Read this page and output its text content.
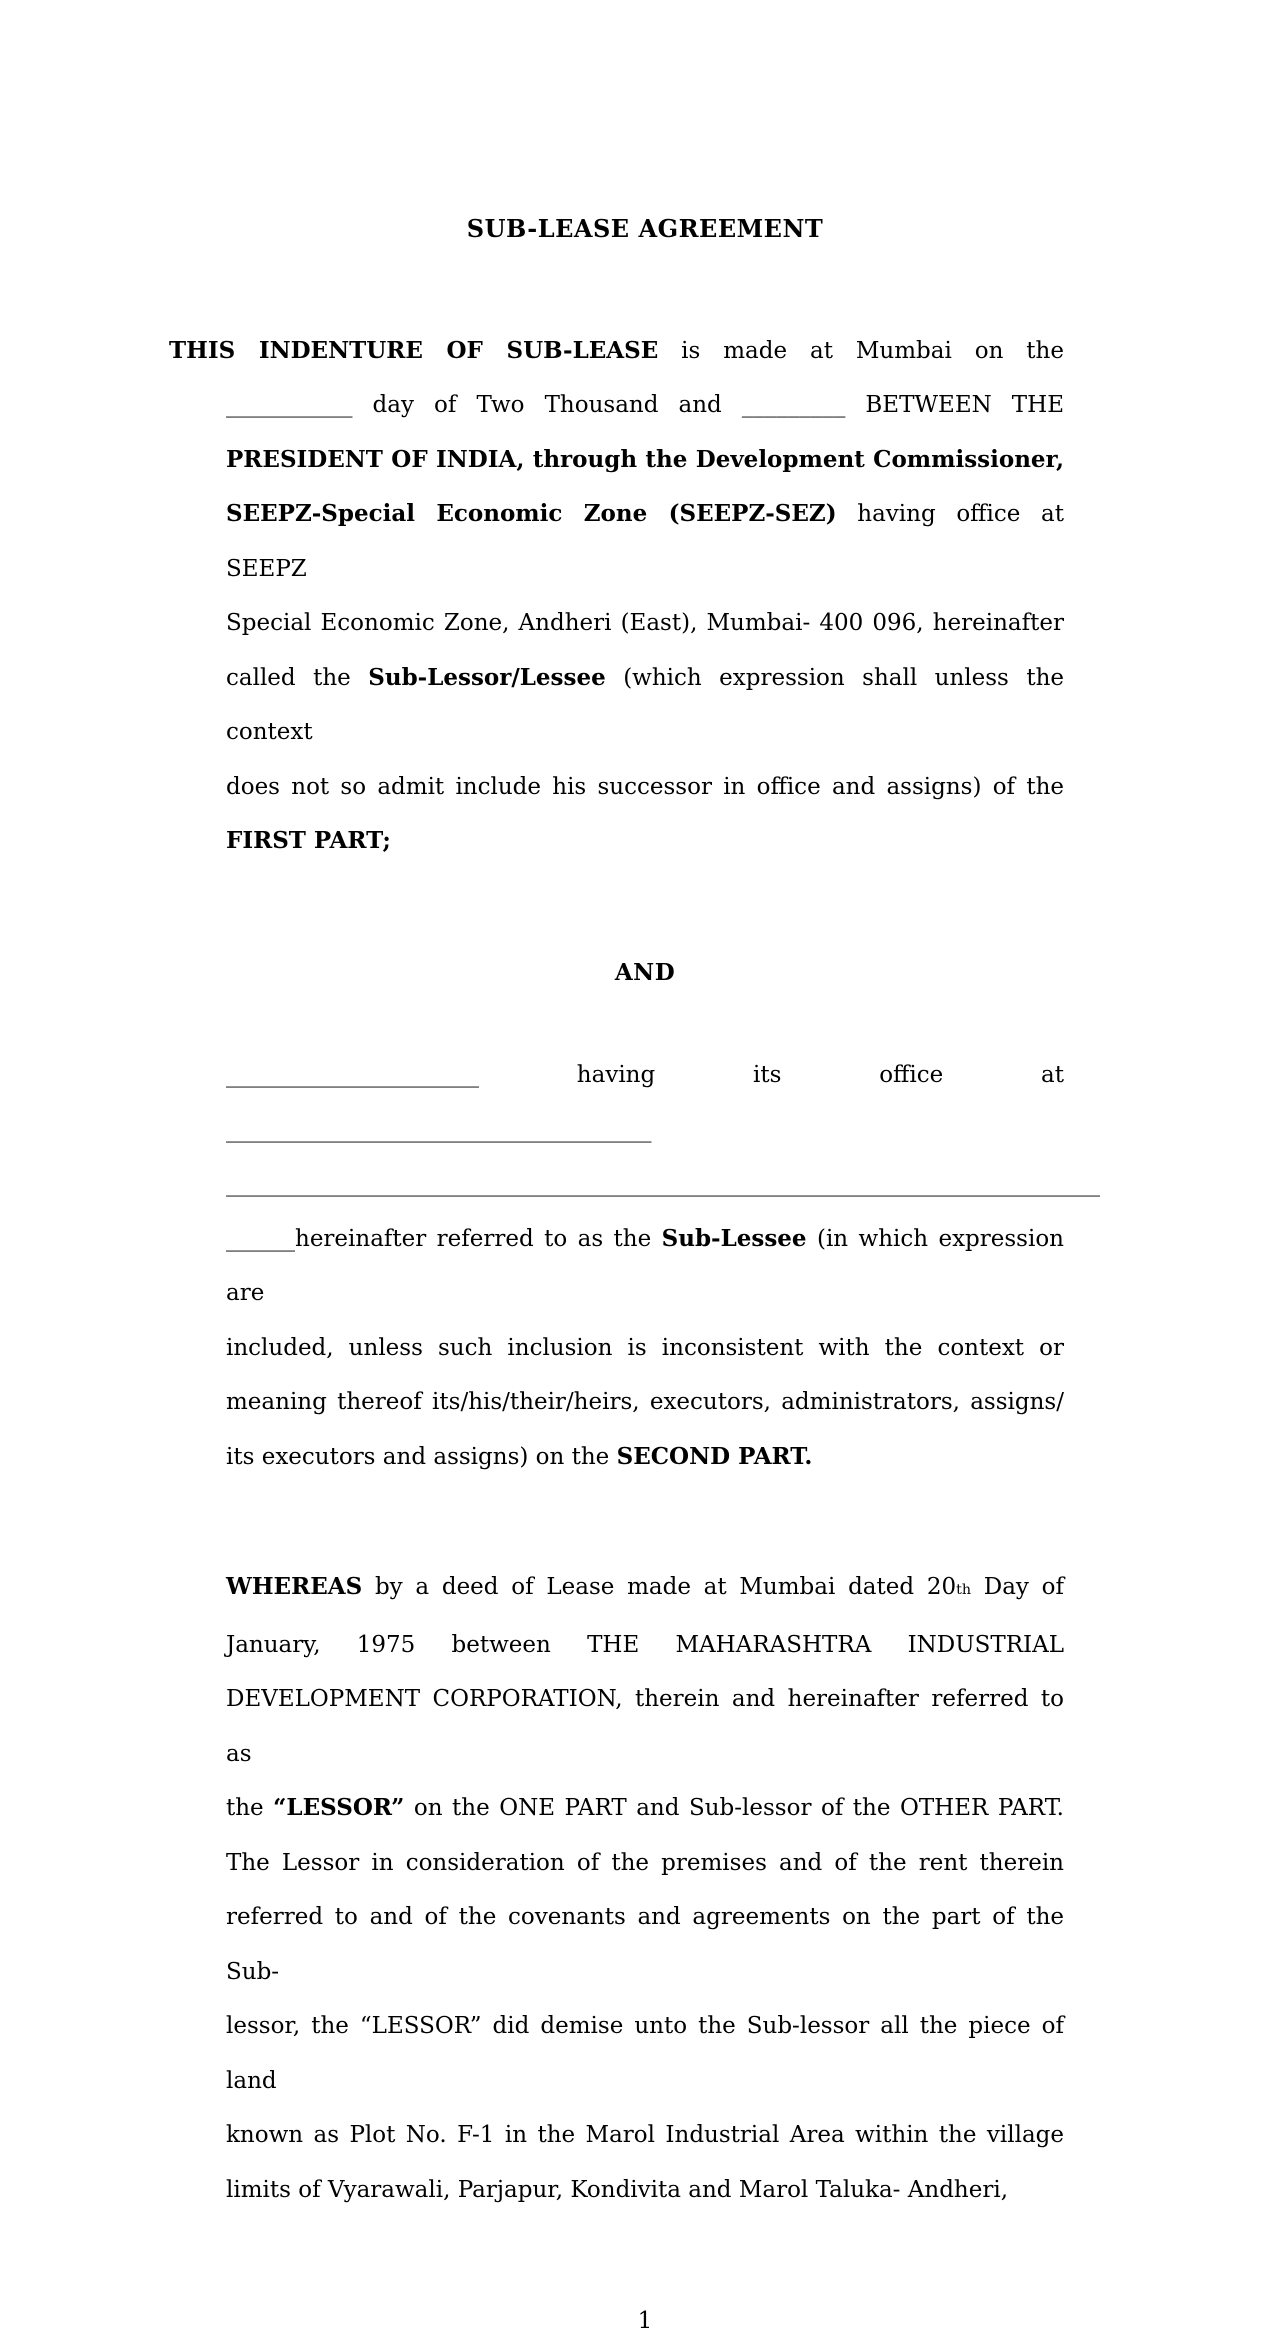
SUB-LEASE AGREEMENT
THIS INDENTURE OF SUB-LEASE is made at Mumbai on the
___________ day of Two Thousand and _________ BETWEEN THE
PRESIDENT OF INDIA, through the Development Commissioner,
SEEPZ-Special Economic Zone (SEEPZ-SEZ) having office at SEEPZ
Special Economic Zone, Andheri (East), Mumbai- 400 096, hereinafter
called the Sub-Lessor/Lessee (which expression shall unless the context
does not so admit include his successor in office and assigns) of the
FIRST PART;
AND
______________________ having its office at
_____________________________________
____________________________________________________________________________
______hereinafter referred to as the Sub-Lessee (in which expression are
included, unless such inclusion is inconsistent with the context or
meaning thereof its/his/their/heirs, executors, administrators, assigns/
its executors and assigns) on the SECOND PART.
WHEREAS by a deed of Lease made at Mumbai dated 20th Day of
January, 1975 between THE MAHARASHTRA INDUSTRIAL
DEVELOPMENT CORPORATION, therein and hereinafter referred to as
the “LESSOR” on the ONE PART and Sub-lessor of the OTHER PART.
The Lessor in consideration of the premises and of the rent therein
referred to and of the covenants and agreements on the part of the Sub-
lessor, the “LESSOR” did demise unto the Sub-lessor all the piece of land
known as Plot No. F-1 in the Marol Industrial Area within the village
limits of Vyarawali, Parjapur, Kondivita and Marol Taluka- Andheri,
1
